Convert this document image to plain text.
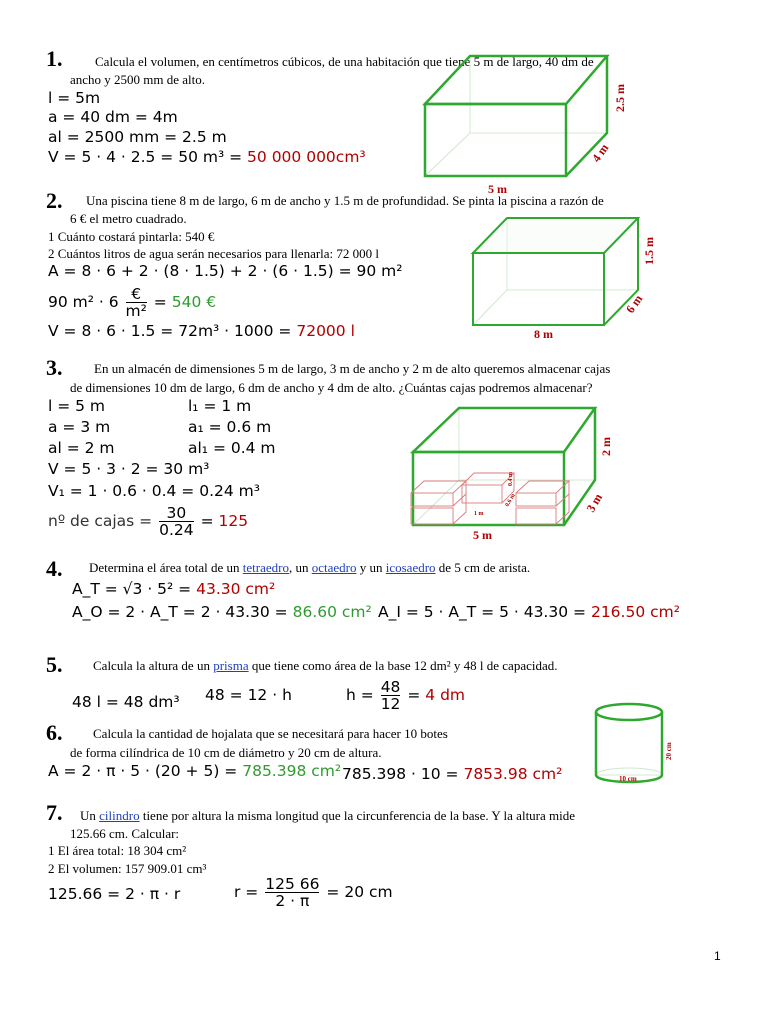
1.	Calcula el volumen, en centímetros cúbicos, de una habitación que tiene 5 m de largo, 40 dm de
ancho y 2500 mm de alto.
l = 5m
a = 40 dm = 4m
al = 2500 mm = 2.5 m
V = 5 · 4 · 2.5 = 50 m³ = 50 000 000cm³
5 m
4 m
2.5 m
2. Una piscina tiene 8 m de largo, 6 m de ancho y 1.5 m de profundidad. Se pinta la piscina a razón de
6 € el metro cuadrado.
1 Cuánto costará pintarla: 540 €
2 Cuántos litros de agua serán necesarios para llenarla: 72 000 l
A = 8 · 6 + 2 · (8 · 1.5) + 2 · (6 · 1.5) = 90 m²
90 $m^2 \cdot 6 \frac{€}{\text{m²}} = 540$ €
V = 8 · 6 · 1.5 = 72m³ · 1000 = 72000 l	8 m
6 m
1.5 m
3. En un almacén de dimensiones 5 m de largo, 3 m de ancho y 2 m de alto queremos almacenar cajas
de dimensiones 10 dm de largo, 6 dm de ancho y 4 dm de alto. ¿Cuántas cajas podremos almacenar?
l = 5 m
a = 3 m
al = 2 m
l₁ = 1 m
a₁ = 0.6 m
al₁ = 0.4 m
V = 5 · 3 · 2 = 30 m³
V₁ = 1 · 0.6 · 0.4 = 0.24 m³
nº de cajas = $\frac{30}{0.24} = 125$	1 m
0.6 m
0.4 m
5 m
3 m
2 m
4. Determina el área total de un tetraedro, un octaedro y un icosaedro de 5 cm de arista.
A_T = √3 · 5² = 43.30 cm²
A_O = 2 · A_T = 2 · 43.30 = 86.60 cm² A_I = 5 · A_T = 5 · 43.30 = 216.50 cm²
5. Calcula la altura de un prisma que tiene como área de la base 12 dm² y 48 l de capacidad.
48 l = 48 dm³ 48 = 12 · h	$h = \frac{48}{12} = 4$ dm
6. Calcula la cantidad de hojalata que se necesitará para hacer 10 botes
de forma cilíndrica de 10 cm de diámetro y 20 cm de altura.
A = 2 · π · 5 · (20 + 5) = 785.398 cm² 785.398 · 10 = 7853.98 cm²	10 cm
20 cm
7. Un cilindro tiene por altura la misma longitud que la circunferencia de la base. Y la altura mide
125.66 cm. Calcular:
1 El área total: 18 304 cm²
2 El volumen: 157 909.01 cm³
125.66 = 2 · π · r	$r = \frac{125 66}{2 \cdot \pi} = 20$ cm
1
